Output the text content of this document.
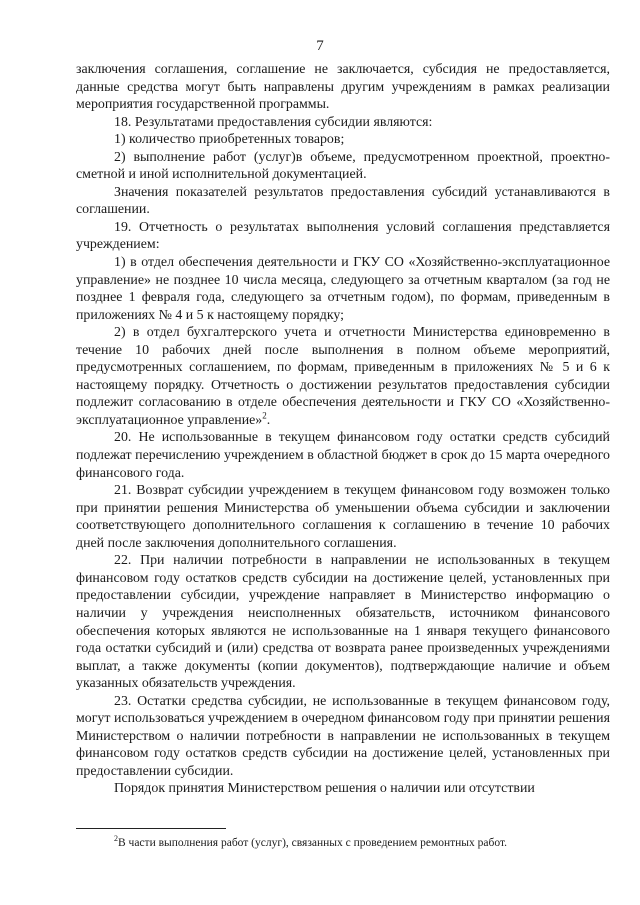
7

заключения соглашения, соглашение не заключается, субсидия не предоставляется, данные средства могут быть направлены другим учреждениям в рамках реализации мероприятия государственной программы.

18. Результатами предоставления субсидии являются:

1) количество приобретенных товаров;

2) выполнение работ (услуг)в объеме, предусмотренном проектной, проектно-сметной и иной исполнительной документацией.

Значения показателей результатов предоставления субсидий устанавливаются в соглашении.

19. Отчетность о результатах выполнения условий соглашения представляется учреждением:

1) в отдел обеспечения деятельности и ГКУ СО «Хозяйственно-эксплуатационное управление» не позднее 10 числа месяца, следующего за отчетным кварталом (за год не позднее 1 февраля года, следующего за отчетным годом), по формам, приведенным в приложениях № 4 и 5 к настоящему порядку;

2) в отдел бухгалтерского учета и отчетности Министерства единовременно в течение 10 рабочих дней после выполнения в полном объеме мероприятий, предусмотренных соглашением, по формам, приведенным в приложениях № 5 и 6 к настоящему порядку. Отчетность о достижении результатов предоставления субсидии подлежит согласованию в отделе обеспечения деятельности и ГКУ СО «Хозяйственно-эксплуатационное управление»$^2$.

20. Не использованные в текущем финансовом году остатки средств субсидий подлежат перечислению учреждением в областной бюджет в срок до 15 марта очередного финансового года.

21. Возврат субсидии учреждением в текущем финансовом году возможен только при принятии решения Министерства об уменьшении объема субсидии и заключении соответствующего дополнительного соглашения к соглашению в течение 10 рабочих дней после заключения дополнительного соглашения.

22. При наличии потребности в направлении не использованных в текущем финансовом году остатков средств субсидии на достижение целей, установленных при предоставлении субсидии, учреждение направляет в Министерство информацию о наличии у учреждения неисполненных обязательств, источником финансового обеспечения которых являются не использованные на 1 января текущего финансового года остатки субсидий и (или) средства от возврата ранее произведенных учреждениями выплат, а также документы (копии документов), подтверждающие наличие и объем указанных обязательств учреждения.

23. Остатки средства субсидии, не использованные в текущем финансовом году, могут использоваться учреждением в очередном финансовом году при принятии решения Министерством о наличии потребности в направлении не использованных в текущем финансовом году остатков средств субсидии на достижение целей, установленных при предоставлении субсидии.

Порядок принятия Министерством решения о наличии или отсутствии

$^2$В части выполнения работ (услуг), связанных с проведением ремонтных работ.
